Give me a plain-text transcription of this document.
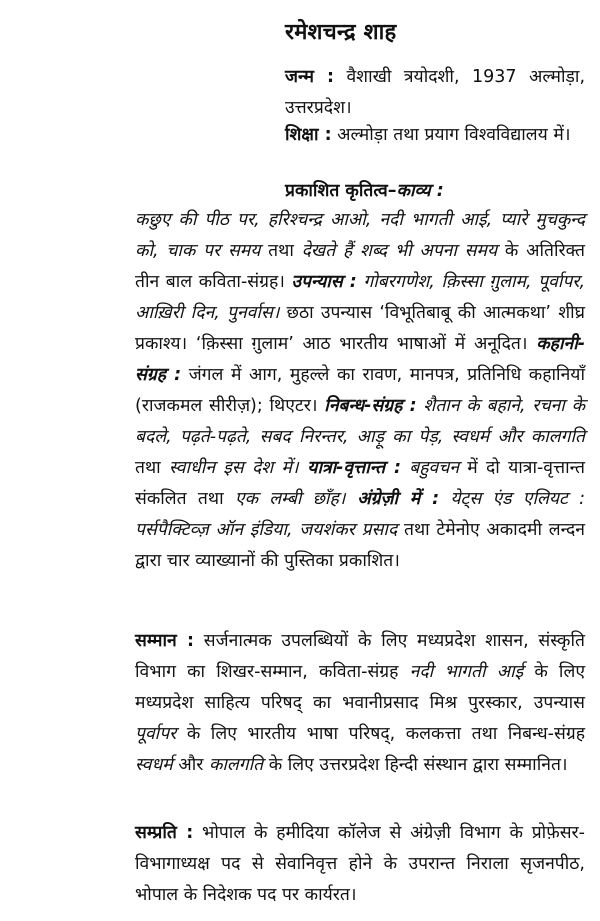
रमेशचन्द्र शाह
जन्म : वैशाखी त्रयोदशी, 1937 अल्मोड़ा, उत्तरप्रदेश।
शिक्षा : अल्मोड़ा तथा प्रयाग विश्वविद्यालय में।
प्रकाशित कृतित्व–काव्य :
कछुए की पीठ पर, हरिश्चन्द्र आओ, नदी भागती आई, प्यारे मुचकुन्द को, चाक पर समय तथा देखते हैं शब्द भी अपना समय के अतिरिक्त तीन बाल कविता-संग्रह। उपन्यास : गोबरगणेश, क़िस्सा ग़ुलाम, पूर्वापर, आख़िरी दिन, पुनर्वास। छठा उपन्यास ‘विभूतिबाबू की आत्मकथा’ शीघ्र प्रकाश्य। ‘क़िस्सा ग़ुलाम’ आठ भारतीय भाषाओं में अनूदित। कहानी-संग्रह : जंगल में आग, मुहल्ले का रावण, मानपत्र, प्रतिनिधि कहानियाँ (राजकमल सीरीज़); थिएटर। निबन्ध-संग्रह : शैतान के बहाने, रचना के बदले, पढ़ते-पढ़ते, सबद निरन्तर, आड़ू का पेड़, स्वधर्म और कालगति तथा स्वाधीन इस देश में। यात्रा-वृत्तान्त : बहुवचन में दो यात्रा-वृत्तान्त संकलित तथा एक लम्बी छाँह। अंग्रेज़ी में : येट्स एंड एलियट : पर्सपैक्टिव्ज़ ऑन इंडिया, जयशंकर प्रसाद तथा टेमेनोए अकादमी लन्दन द्वारा चार व्याख्यानों की पुस्तिका प्रकाशित।
सम्मान : सर्जनात्मक उपलब्धियों के लिए मध्यप्रदेश शासन, संस्कृति विभाग का शिखर-सम्मान, कविता-संग्रह नदी भागती आई के लिए मध्यप्रदेश साहित्य परिषद् का भवानीप्रसाद मिश्र पुरस्कार, उपन्यास पूर्वापर के लिए भारतीय भाषा परिषद्, कलकत्ता तथा निबन्ध-संग्रह स्वधर्म और कालगति के लिए उत्तरप्रदेश हिन्दी संस्थान द्वारा सम्मानित।
सम्प्रति : भोपाल के हमीदिया कॉलेज से अंग्रेज़ी विभाग के प्रोफ़ेसर-विभागाध्यक्ष पद से सेवानिवृत्त होने के उपरान्त निराला सृजनपीठ, भोपाल के निदेशक पद पर कार्यरत।
